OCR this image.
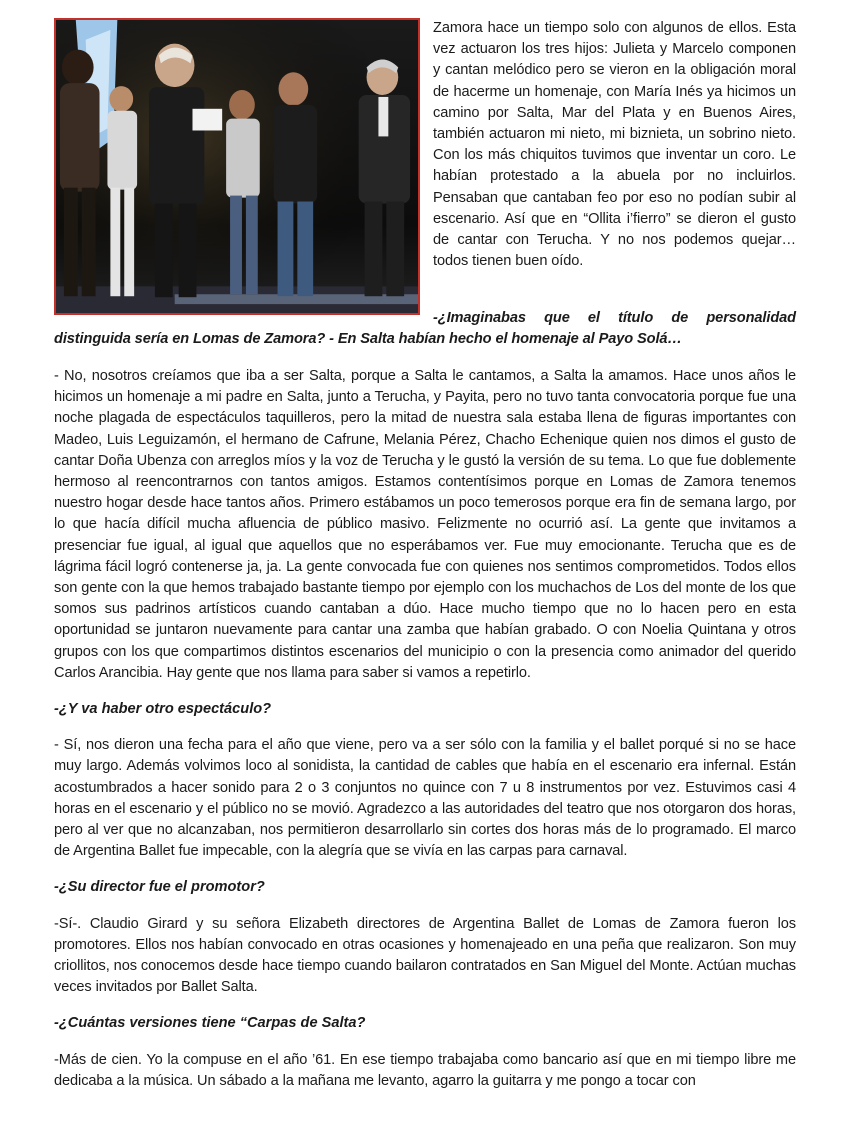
Zamora hace un tiempo solo con algunos de ellos. Esta vez actuaron los tres hijos: Julieta y Marcelo componen y cantan melódico pero se vieron en la obligación moral de hacerme un homenaje, con María Inés ya hicimos un camino por Salta, Mar del Plata y en Buenos Aires, también actuaron mi nieto, mi biznieta, un sobrino nieto. Con los más chiquitos tuvimos que inventar un coro. Le habían protestado a la abuela por no incluirlos. Pensaban que cantaban feo por eso no podían subir al escenario. Así que en “Ollita i’fierro” se dieron el gusto de cantar con Terucha. Y no nos podemos quejar… todos tienen buen oído.

-¿Imaginabas que el título de personalidad distinguida sería en Lomas de Zamora? - En Salta habían hecho el homenaje al Payo Solá…

- No, nosotros creíamos que iba a ser Salta, porque a Salta le cantamos, a Salta la amamos. Hace unos años le hicimos un homenaje a mi padre en Salta, junto a Terucha, y Payita, pero no tuvo tanta convocatoria porque fue una noche plagada de espectáculos taquilleros, pero la mitad de nuestra sala estaba llena de figuras importantes con Madeo, Luis Leguizamón, el hermano de Cafrune, Melania Pérez, Chacho Echenique quien nos dimos el gusto de cantar Doña Ubenza con arreglos míos y la voz de Terucha y le gustó la versión de su tema. Lo que fue doblemente hermoso al reencontrarnos con tantos amigos. Estamos contentísimos porque en Lomas de Zamora tenemos nuestro hogar desde hace tantos años. Primero estábamos un poco temerosos porque era fin de semana largo, por lo que hacía difícil mucha afluencia de público masivo. Felizmente no ocurrió así. La gente que invitamos a presenciar fue igual, al igual que aquellos que no esperábamos ver. Fue muy emocionante. Terucha que es de lágrima fácil logró contenerse ja, ja. La gente convocada fue con quienes nos sentimos comprometidos. Todos ellos son gente con la que hemos trabajado bastante tiempo por ejemplo con los muchachos de Los del monte de los que somos sus padrinos artísticos cuando cantaban a dúo. Hace mucho tiempo que no lo hacen pero en esta oportunidad se juntaron nuevamente para cantar una zamba que habían grabado. O con Noelia Quintana y otros grupos con los que compartimos distintos escenarios del municipio o con la presencia como animador del querido Carlos Arancibia. Hay gente que nos llama para saber si vamos a repetirlo.

-¿Y va haber otro espectáculo?

- Sí, nos dieron una fecha para el año que viene, pero va a ser sólo con la familia y el ballet porqué si no se hace muy largo. Además volvimos loco al sonidista, la cantidad de cables que había en el escenario era infernal. Están acostumbrados a hacer sonido para 2 o 3 conjuntos no quince con 7 u 8 instrumentos por vez. Estuvimos casi 4 horas en el escenario y el público no se movió. Agradezco a las autoridades del teatro que nos otorgaron dos horas, pero al ver que no alcanzaban, nos permitieron desarrollarlo sin cortes dos horas más de lo programado. El marco de Argentina Ballet fue impecable, con la alegría que se vivía en las carpas para carnaval.

-¿Su director fue el promotor?

-Sí-. Claudio Girard y su señora Elizabeth directores de Argentina Ballet de Lomas de Zamora fueron los promotores. Ellos nos habían convocado en otras ocasiones y homenajeado en una peña que realizaron. Son muy criollitos, nos conocemos desde hace tiempo cuando bailaron contratados en San Miguel del Monte. Actúan muchas veces invitados por Ballet Salta.

-¿Cuántas versiones tiene “Carpas de Salta?

-Más de cien. Yo la compuse en el año ’61. En ese tiempo trabajaba como bancario así que en mi tiempo libre me dedicaba a la música. Un sábado a la mañana me levanto, agarro la guitarra y me pongo a tocar con
